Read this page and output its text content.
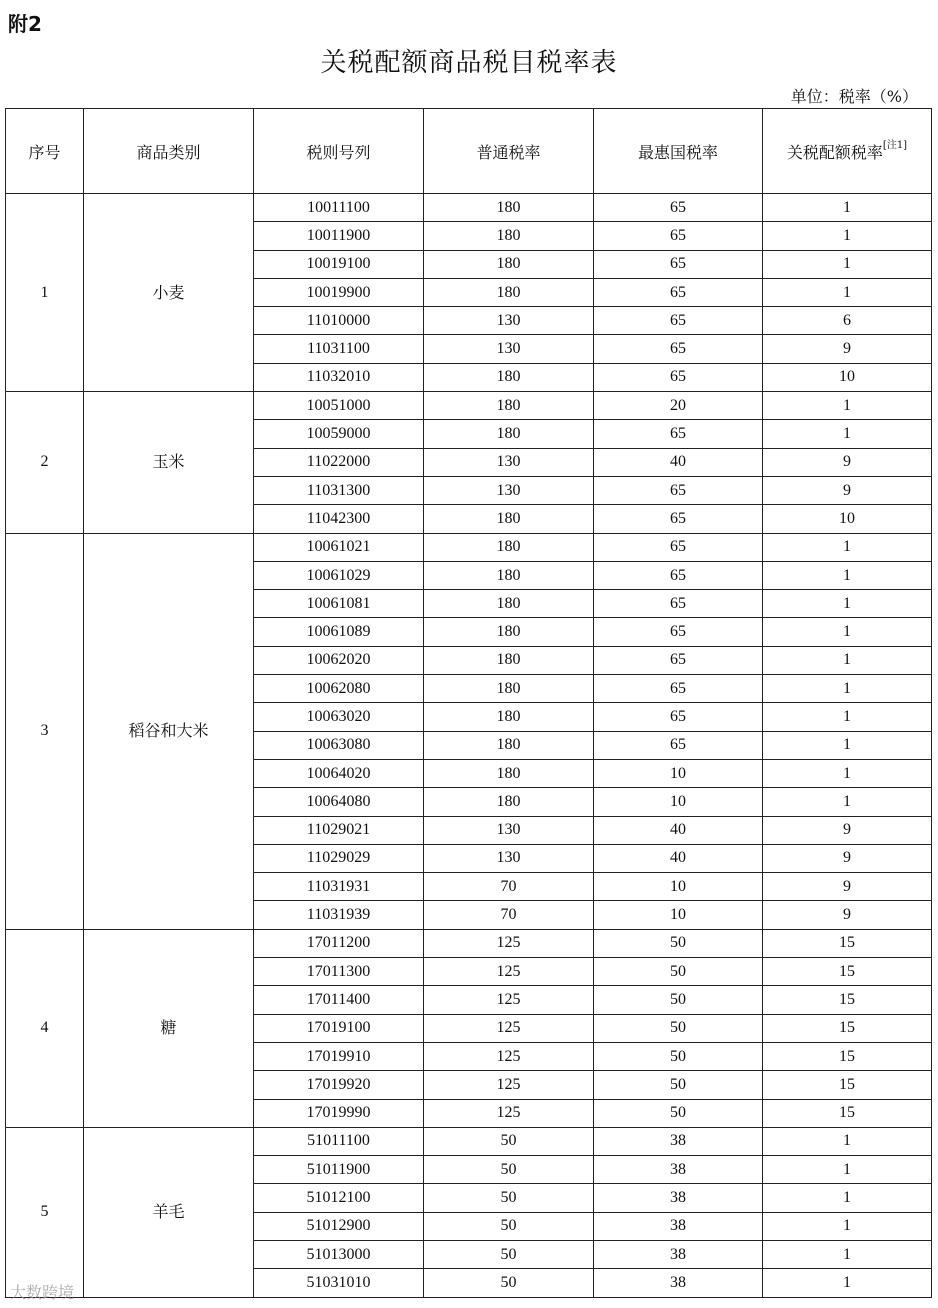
附2
关税配额商品税目税率表
单位：税率（%）
序号	商品类别	税则号列	普通税率	最惠国税率	关税配额税率[注1]
1	小麦	10011100	180	65	1
		10011900	180	65	1
		10019100	180	65	1
		10019900	180	65	1
		11010000	130	65	6
		11031100	130	65	9
		11032010	180	65	10
2	玉米	10051000	180	20	1
		10059000	180	65	1
		11022000	130	40	9
		11031300	130	65	9
		11042300	180	65	10
3	稻谷和大米	10061021	180	65	1
		10061029	180	65	1
		10061081	180	65	1
		10061089	180	65	1
		10062020	180	65	1
		10062080	180	65	1
		10063020	180	65	1
		10063080	180	65	1
		10064020	180	10	1
		10064080	180	10	1
		11029021	130	40	9
		11029029	130	40	9
		11031931	70	10	9
		11031939	70	10	9
4	糖	17011200	125	50	15
		17011300	125	50	15
		17011400	125	50	15
		17019100	125	50	15
		17019910	125	50	15
		17019920	125	50	15
		17019990	125	50	15
5	羊毛	51011100	50	38	1
		51011900	50	38	1
		51012100	50	38	1
		51012900	50	38	1
		51013000	50	38	1
		51031010	50	38	1
大数跨境
